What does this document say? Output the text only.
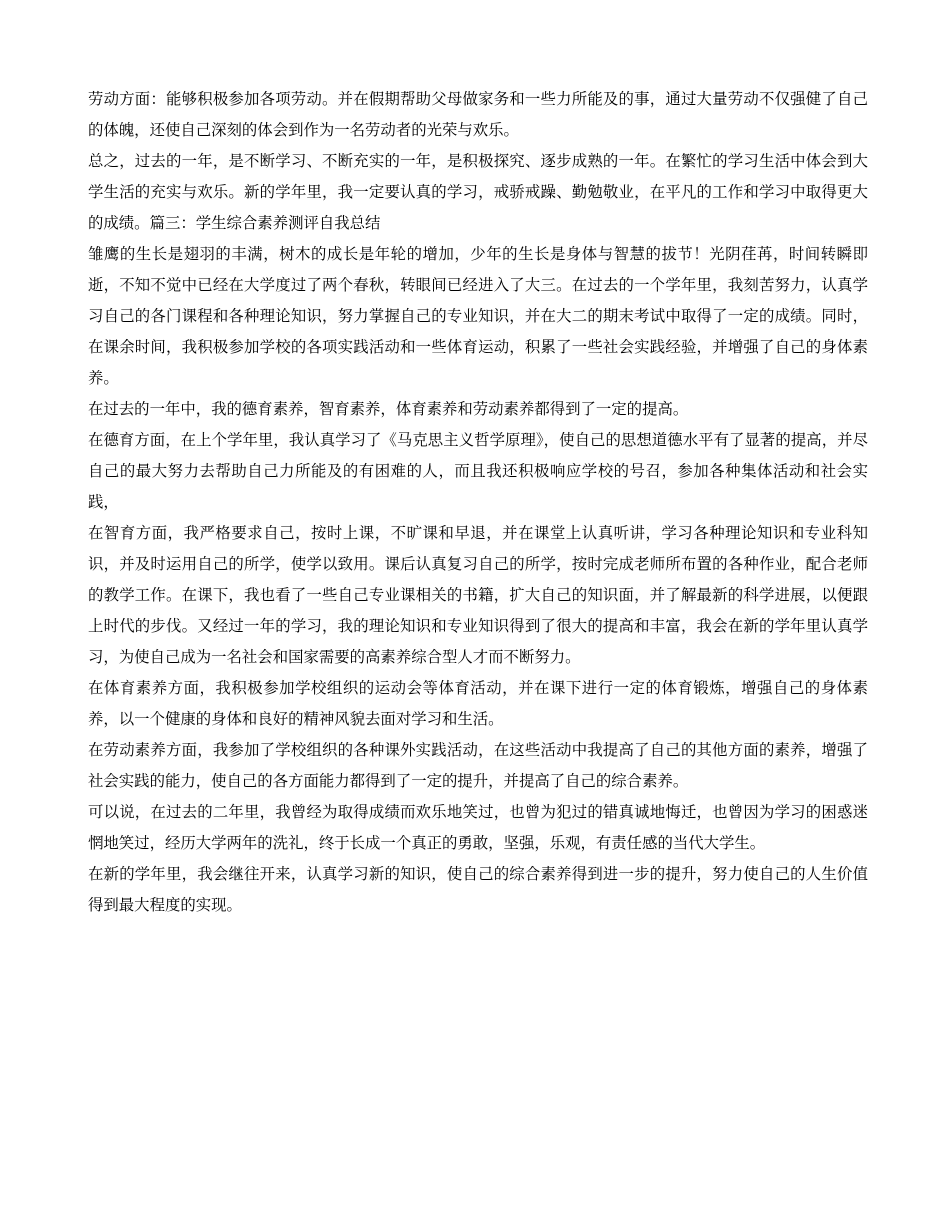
劳动方面：能够积极参加各项劳动。并在假期帮助父母做家务和一些力所能及的事，通过大量劳动不仅强健了自己的体魄，还使自己深刻的体会到作为一名劳动者的光荣与欢乐。

总之，过去的一年，是不断学习、不断充实的一年，是积极探究、逐步成熟的一年。在繁忙的学习生活中体会到大学生活的充实与欢乐。新的学年里，我一定要认真的学习，戒骄戒躁、勤勉敬业，在平凡的工作和学习中取得更大的成绩。篇三：学生综合素养测评自我总结

雏鹰的生长是翅羽的丰满，树木的成长是年轮的增加，少年的生长是身体与智慧的拔节！光阴荏苒，时间转瞬即逝，不知不觉中已经在大学度过了两个春秋，转眼间已经进入了大三。在过去的一个学年里，我刻苦努力，认真学习自己的各门课程和各种理论知识，努力掌握自己的专业知识，并在大二的期末考试中取得了一定的成绩。同时，在课余时间，我积极参加学校的各项实践活动和一些体育运动，积累了一些社会实践经验，并增强了自己的身体素养。

在过去的一年中，我的德育素养，智育素养，体育素养和劳动素养都得到了一定的提高。

在德育方面，在上个学年里，我认真学习了《马克思主义哲学原理》，使自己的思想道德水平有了显著的提高，并尽自己的最大努力去帮助自己力所能及的有困难的人，而且我还积极响应学校的号召，参加各种集体活动和社会实践，

在智育方面，我严格要求自己，按时上课，不旷课和早退，并在课堂上认真听讲，学习各种理论知识和专业科知识，并及时运用自己的所学，使学以致用。课后认真复习自己的所学，按时完成老师所布置的各种作业，配合老师的教学工作。在课下，我也看了一些自己专业课相关的书籍，扩大自己的知识面，并了解最新的科学进展，以便跟上时代的步伐。又经过一年的学习，我的理论知识和专业知识得到了很大的提高和丰富，我会在新的学年里认真学习，为使自己成为一名社会和国家需要的高素养综合型人才而不断努力。

在体育素养方面，我积极参加学校组织的运动会等体育活动，并在课下进行一定的体育锻炼，增强自己的身体素养，以一个健康的身体和良好的精神风貌去面对学习和生活。

在劳动素养方面，我参加了学校组织的各种课外实践活动，在这些活动中我提高了自己的其他方面的素养，增强了社会实践的能力，使自己的各方面能力都得到了一定的提升，并提高了自己的综合素养。

可以说，在过去的二年里，我曾经为取得成绩而欢乐地笑过，也曾为犯过的错真诚地悔迁，也曾因为学习的困惑迷惘地笑过，经历大学两年的洗礼，终于长成一个真正的勇敢，坚强，乐观，有责任感的当代大学生。

在新的学年里，我会继往开来，认真学习新的知识，使自己的综合素养得到进一步的提升，努力使自己的人生价值得到最大程度的实现。
